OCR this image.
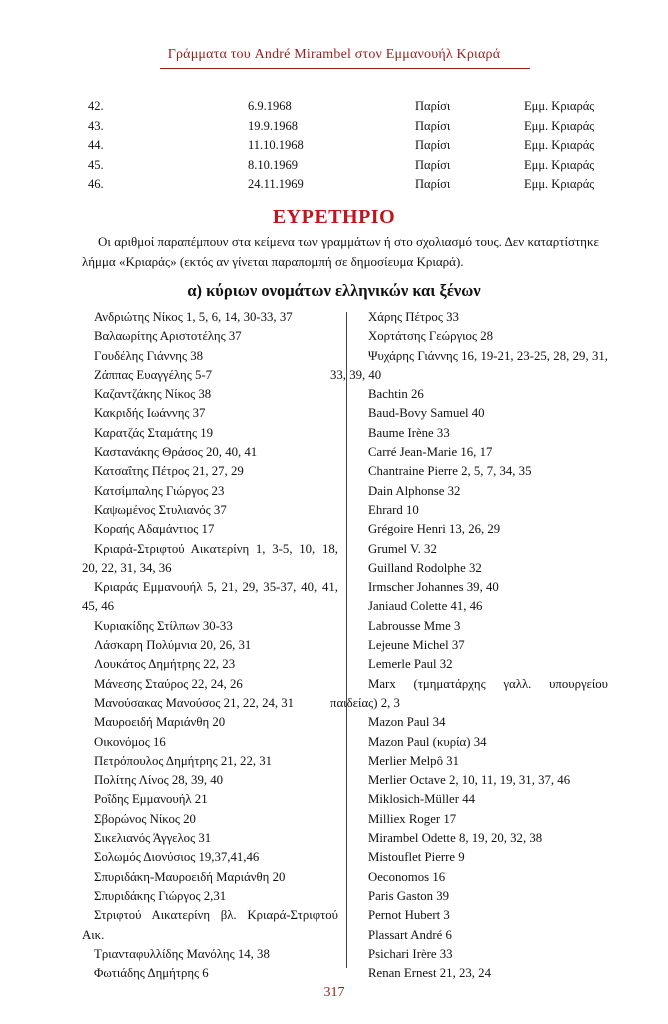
Γράμματα του André Mirambel στον Εμμανουήλ Κριαρά
42.	6.9.1968	Παρίσι	Εμμ. Κριαράς
43.	19.9.1968	Παρίσι	Εμμ. Κριαράς
44.	11.10.1968	Παρίσι	Εμμ. Κριαράς
45.	8.10.1969	Παρίσι	Εμμ. Κριαράς
46.	24.11.1969	Παρίσι	Εμμ. Κριαράς
ΕΥΡΕΤΗΡΙΟ
Οι αριθμοί παραπέμπουν στα κείμενα των γραμμάτων ή στο σχολιασμό τους. Δεν καταρτίστηκε λήμμα «Κριαράς» (εκτός αν γίνεται παραπομπή σε δημοσίευμα Κριαρά).
α) κύριων ονομάτων ελληνικών και ξένων
Ανδριώτης Νίκος 1, 5, 6, 14, 30-33, 37
Βαλαωρίτης Αριστοτέλης 37
Γουδέλης Γιάννης 38
Ζάππας Ευαγγέλης 5-7
Καζαντζάκης Νίκος 38
Κακριδής Ιωάννης 37
Καρατζάς Σταμάτης 19
Καστανάκης Θράσος 20, 40, 41
Κατσαΐτης Πέτρος 21, 27, 29
Κατσίμπαλης Γιώργος 23
Καψωμένος Στυλιανός 37
Κοραής Αδαμάντιος 17
Κριαρά-Στριφτού Αικατερίνη 1, 3-5, 10, 18, 20, 22, 31, 34, 36
Κριαράς Εμμανουήλ 5, 21, 29, 35-37, 40, 41, 45, 46
Κυριακίδης Στίλπων 30-33
Λάσκαρη Πολύμνια 20, 26, 31
Λουκάτος Δημήτρης 22, 23
Μάνεσης Σταύρος 22, 24, 26
Μανούσακας Μανούσος 21, 22, 24, 31
Μαυροειδή Μαριάνθη 20
Οικονόμος 16
Πετρόπουλος Δημήτρης 21, 22, 31
Πολίτης Λίνος 28, 39, 40
Ροΐδης Εμμανουήλ 21
Σβορώνος Νίκος 20
Σικελιανός Άγγελος 31
Σολωμός Διονύσιος 19,37,41,46
Σπυριδάκη-Μαυροειδή Μαριάνθη 20
Σπυριδάκης Γιώργος 2,31
Στριφτού Αικατερίνη βλ. Κριαρά-Στριφτού Αικ.
Τριανταφυλλίδης Μανόλης 14, 38
Φωτιάδης Δημήτρης 6
Χάρης Πέτρος 33
Χορτάτσης Γεώργιος 28
Ψυχάρης Γιάννης 16, 19-21, 23-25, 28, 29, 31, 33, 39, 40
Bachtin 26
Baud-Bovy Samuel 40
Baume Irène 33
Carré Jean-Marie 16, 17
Chantraine Pierre 2, 5, 7, 34, 35
Dain Alphonse 32
Ehrard 10
Grégoire Henri 13, 26, 29
Grumel V. 32
Guilland Rodolphe 32
Irmscher Johannes 39, 40
Janiaud Colette 41, 46
Labrousse Mme 3
Lejeune Michel 37
Lemerle Paul 32
Marx (τμηματάρχης γαλλ. υπουργείου παιδείας) 2, 3
Mazon Paul 34
Mazon Paul (κυρία) 34
Merlier Melpô 31
Merlier Octave 2, 10, 11, 19, 31, 37, 46
Miklosich-Müller 44
Milliex Roger 17
Mirambel Odette 8, 19, 20, 32, 38
Mistouflet Pierre 9
Oeconomos 16
Paris Gaston 39
Pernot Hubert 3
Plassart André 6
Psichari Irère 33
Renan Ernest 21, 23, 24
317
